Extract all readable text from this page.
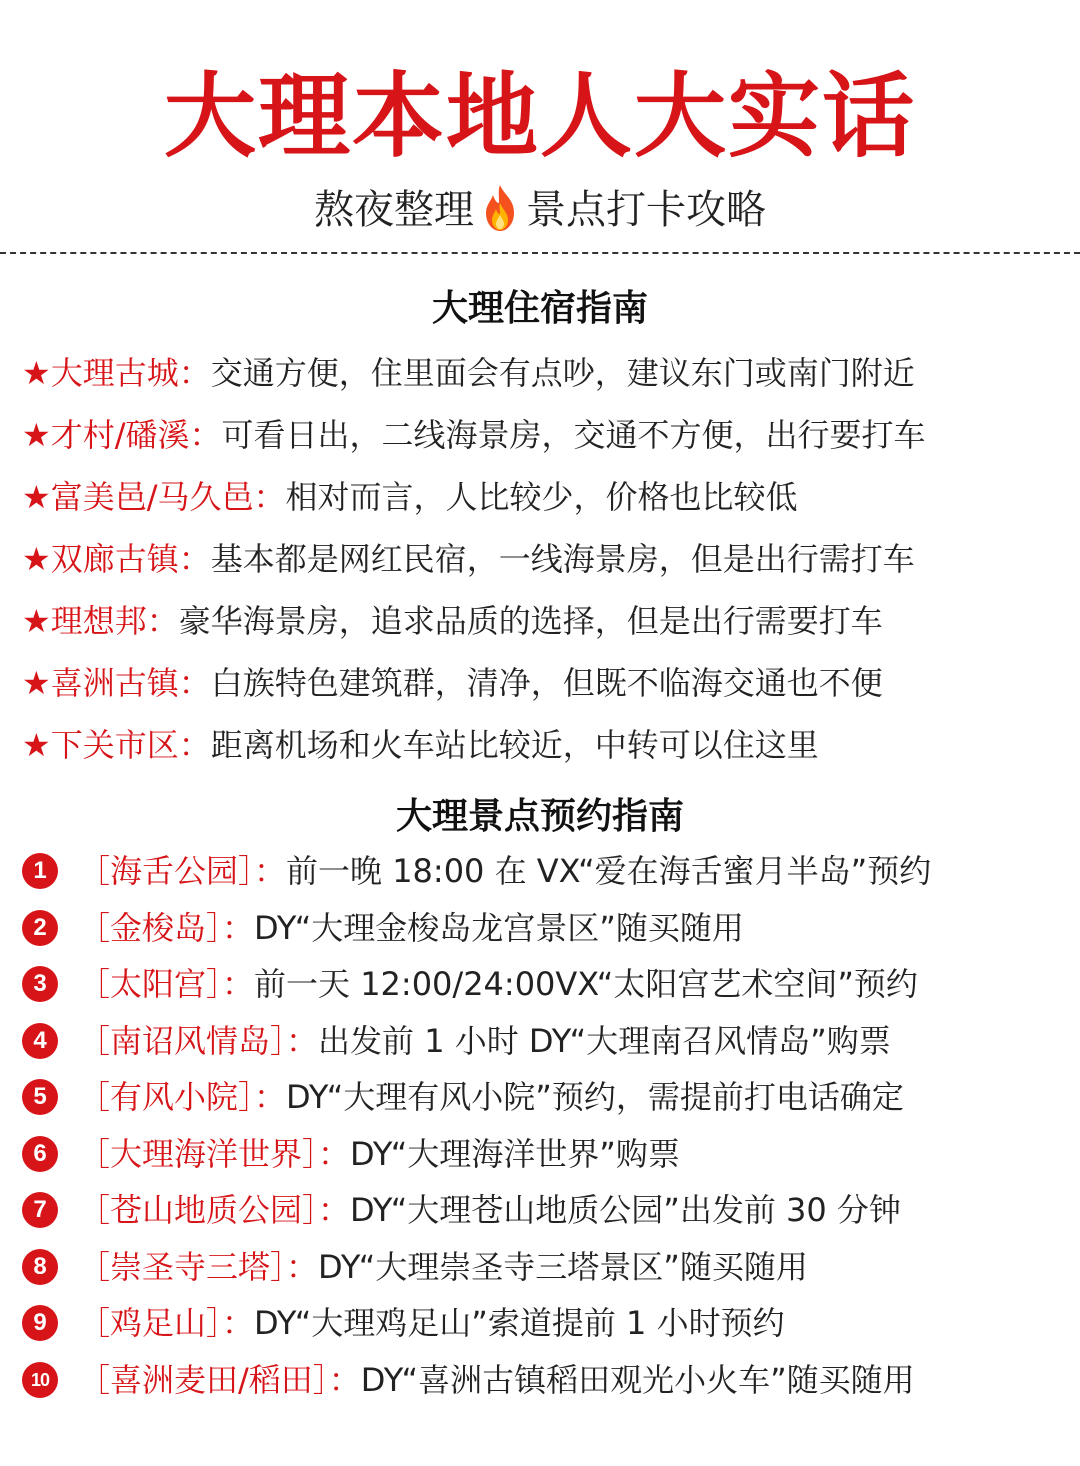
大理本地人大实话
熬夜整理 景点打卡攻略
大理住宿指南
★大理古城：交通方便，住里面会有点吵，建议东门或南门附近
★才村/磻溪：可看日出，二线海景房，交通不方便，出行要打车
★富美邑/马久邑：相对而言，人比较少，价格也比较低
★双廊古镇：基本都是网红民宿，一线海景房，但是出行需打车
★理想邦：豪华海景房，追求品质的选择，但是出行需要打车
★喜洲古镇：白族特色建筑群，清净，但既不临海交通也不便
★下关市区：距离机场和火车站比较近，中转可以住这里
大理景点预约指南
1 ［海舌公园］： 前一晚 18:00 在 VX“爱在海舌蜜月半岛”预约
2 ［金梭岛］： DY“大理金梭岛龙宫景区”随买随用
3 ［太阳宫］： 前一天 12:00/24:00VX“太阳宫艺术空间”预约
4 ［南诏风情岛］： 出发前 1 小时 DY“大理南召风情岛”购票
5 ［有风小院］： DY“大理有风小院”预约，需提前打电话确定
6 ［大理海洋世界］： DY“大理海洋世界”购票
7 ［苍山地质公园］： DY“大理苍山地质公园”出发前 30 分钟
8 ［崇圣寺三塔］： DY“大理崇圣寺三塔景区”随买随用
9 ［鸡足山］： DY“大理鸡足山”索道提前 1 小时预约
10 ［喜洲麦田/稻田］： DY“喜洲古镇稻田观光小火车”随买随用
